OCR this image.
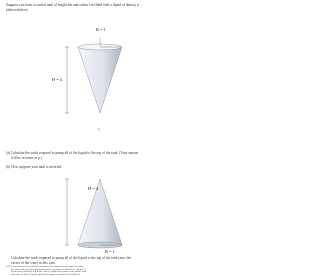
Suppose you have a conical tank of height 4m and radius 1m filled with a liquid of density ρ
(shown below).
R = 1
H = 4
1
(a) Calculate the work required to pump all of the liquid to the top of the tank. (Your answer
will be in terms of ρ.)
(b) Now suppose your tank is inverted.
H = 4
R = 1
Calculate the work required to pump all of the liquid to the top of the tank (now the
vertex of the cone) in this case.
(c) Use your answers to (a) and (b) to determine if the amount of work required to pump
the water to the top of the tank depends on the orientation of this tank (i.e. whether or
not the tank is inverted). If it doesn't, briefly explain why it makes sense that the work
is the same. If it does, briefly explain why it makes sense that work is different.
